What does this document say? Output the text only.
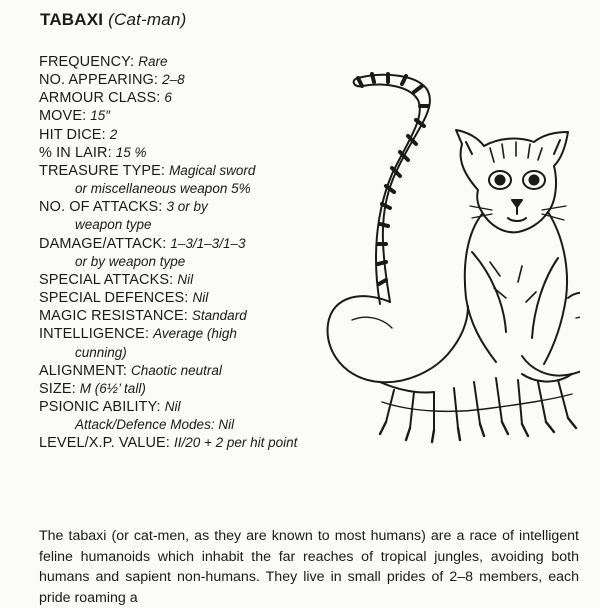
TABAXI (Cat-man)
FREQUENCY: Rare
NO. APPEARING: 2–8
ARMOUR CLASS: 6
MOVE: 15″
HIT DICE: 2
% IN LAIR: 15 %
TREASURE TYPE: Magical sword
or miscellaneous weapon 5%
NO. OF ATTACKS: 3 or by
weapon type
DAMAGE/ATTACK: 1–3/1–3/1–3
or by weapon type
SPECIAL ATTACKS: Nil
SPECIAL DEFENCES: Nil
MAGIC RESISTANCE: Standard
INTELLIGENCE: Average (high
cunning)
ALIGNMENT: Chaotic neutral
SIZE: M (6½’ tall)
PSIONIC ABILITY: Nil
Attack/Defence Modes: Nil
LEVEL/X.P. VALUE: II/20 + 2 per hit point
The tabaxi (or cat-men, as they are known to most humans) are a race of intelligent feline humanoids which inhabit the far reaches of tropical jungles, avoiding both humans and sapient non-humans. They live in small prides of 2–8 members, each pride roaming a
